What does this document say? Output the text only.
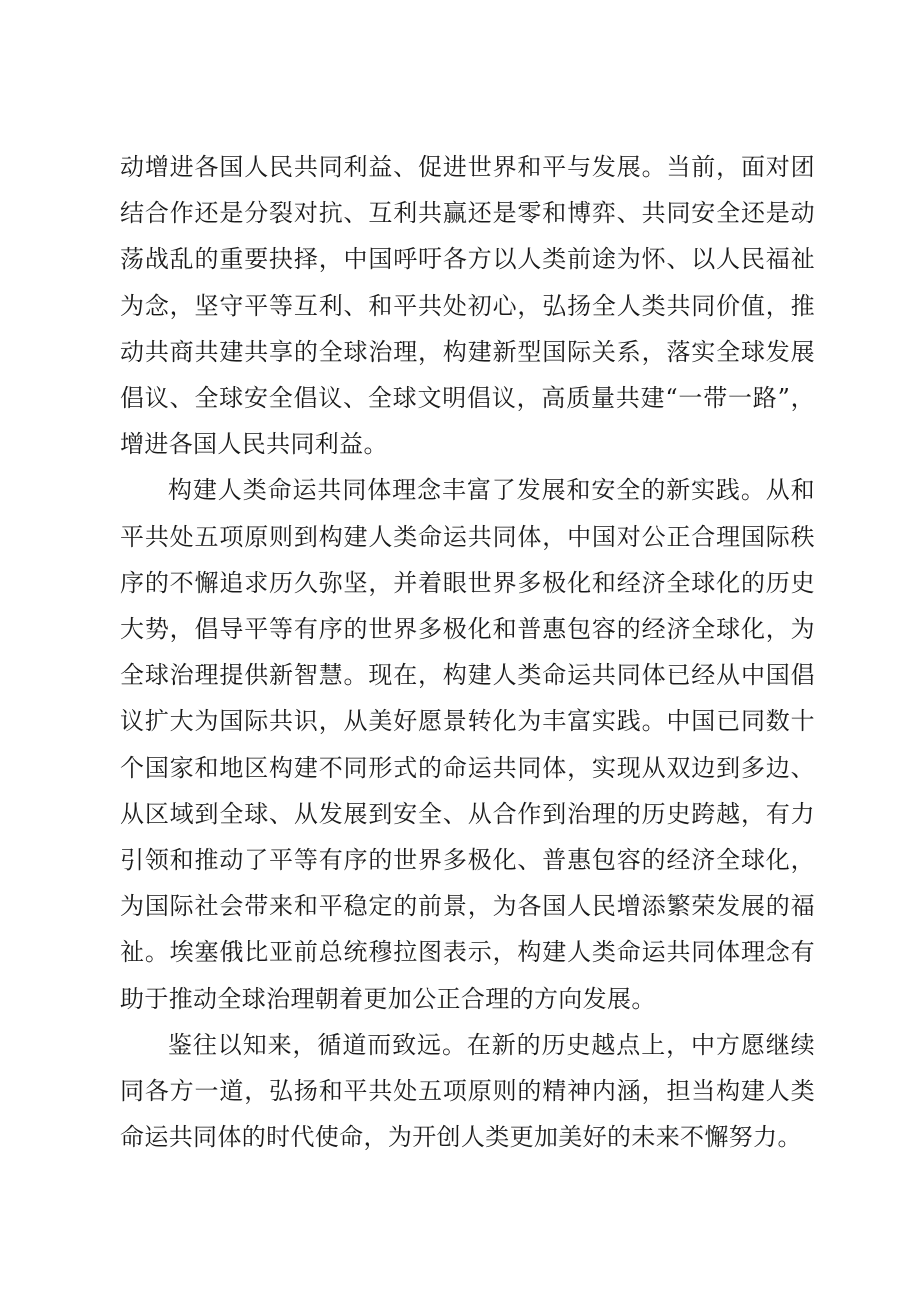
动增进各国人民共同利益、促进世界和平与发展。当前，面对团结合作还是分裂对抗、互利共赢还是零和博弈、共同安全还是动荡战乱的重要抉择，中国呼吁各方以人类前途为怀、以人民福祉为念，坚守平等互利、和平共处初心，弘扬全人类共同价值，推动共商共建共享的全球治理，构建新型国际关系，落实全球发展倡议、全球安全倡议、全球文明倡议，高质量共建“一带一路”，增进各国人民共同利益。

构建人类命运共同体理念丰富了发展和安全的新实践。从和平共处五项原则到构建人类命运共同体，中国对公正合理国际秩序的不懈追求历久弥坚，并着眼世界多极化和经济全球化的历史大势，倡导平等有序的世界多极化和普惠包容的经济全球化，为全球治理提供新智慧。现在，构建人类命运共同体已经从中国倡议扩大为国际共识，从美好愿景转化为丰富实践。中国已同数十个国家和地区构建不同形式的命运共同体，实现从双边到多边、从区域到全球、从发展到安全、从合作到治理的历史跨越，有力引领和推动了平等有序的世界多极化、普惠包容的经济全球化，为国际社会带来和平稳定的前景，为各国人民增添繁荣发展的福祉。埃塞俄比亚前总统穆拉图表示，构建人类命运共同体理念有助于推动全球治理朝着更加公正合理的方向发展。

鉴往以知来，循道而致远。在新的历史越点上，中方愿继续同各方一道，弘扬和平共处五项原则的精神内涵，担当构建人类命运共同体的时代使命，为开创人类更加美好的未来不懈努力。
